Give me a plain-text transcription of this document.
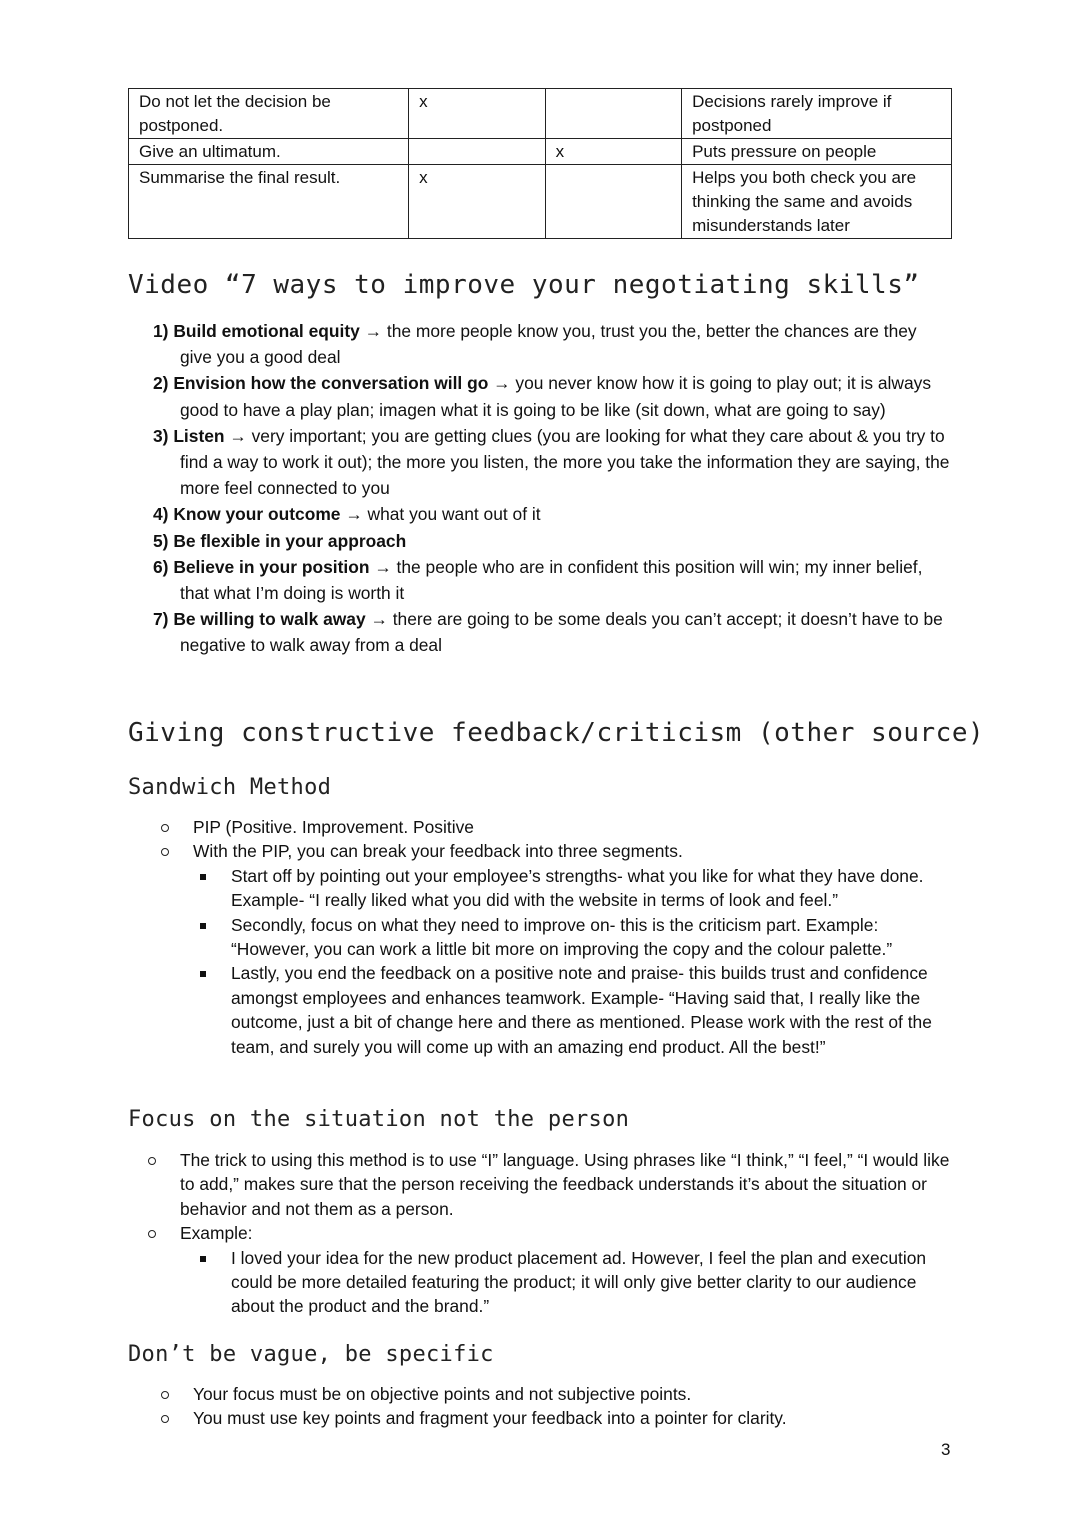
Do not let the decision be postponed.	x		Decisions rarely improve if postponed
Give an ultimatum.		x	Puts pressure on people
Summarise the final result.	x		Helps you both check you are thinking the same and avoids misunderstands later
Video “7 ways to improve your negotiating skills”
1) Build emotional equity → the more people know you, trust you the, better the chances are they give you a good deal
2) Envision how the conversation will go → you never know how it is going to play out; it is always good to have a play plan; imagen what it is going to be like (sit down, what are going to say)
3) Listen → very important; you are getting clues (you are looking for what they care about & you try to find a way to work it out); the more you listen, the more you take the information they are saying, the more feel connected to you
4) Know your outcome → what you want out of it
5) Be flexible in your approach
6) Believe in your position → the people who are in confident this position will win; my inner belief, that what I’m doing is worth it
7) Be willing to walk away → there are going to be some deals you can’t accept; it doesn’t have to be negative to walk away from a deal
Giving constructive feedback/criticism (other source)
Sandwich Method
PIP (Positive. Improvement. Positive
With the PIP, you can break your feedback into three segments.
Start off by pointing out your employee’s strengths- what you like for what they have done. Example- “I really liked what you did with the website in terms of look and feel.”
Secondly, focus on what they need to improve on- this is the criticism part. Example: “However, you can work a little bit more on improving the copy and the colour palette.”
Lastly, you end the feedback on a positive note and praise- this builds trust and confidence amongst employees and enhances teamwork. Example- “Having said that, I really like the outcome, just a bit of change here and there as mentioned. Please work with the rest of the team, and surely you will come up with an amazing end product. All the best!”
Focus on the situation not the person
The trick to using this method is to use “I” language. Using phrases like “I think,” “I feel,” “I would like to add,” makes sure that the person receiving the feedback understands it’s about the situation or behavior and not them as a person.
Example:
I loved your idea for the new product placement ad. However, I feel the plan and execution could be more detailed featuring the product; it will only give better clarity to our audience about the product and the brand.”
Don’t be vague, be specific
Your focus must be on objective points and not subjective points.
You must use key points and fragment your feedback into a pointer for clarity.
3
